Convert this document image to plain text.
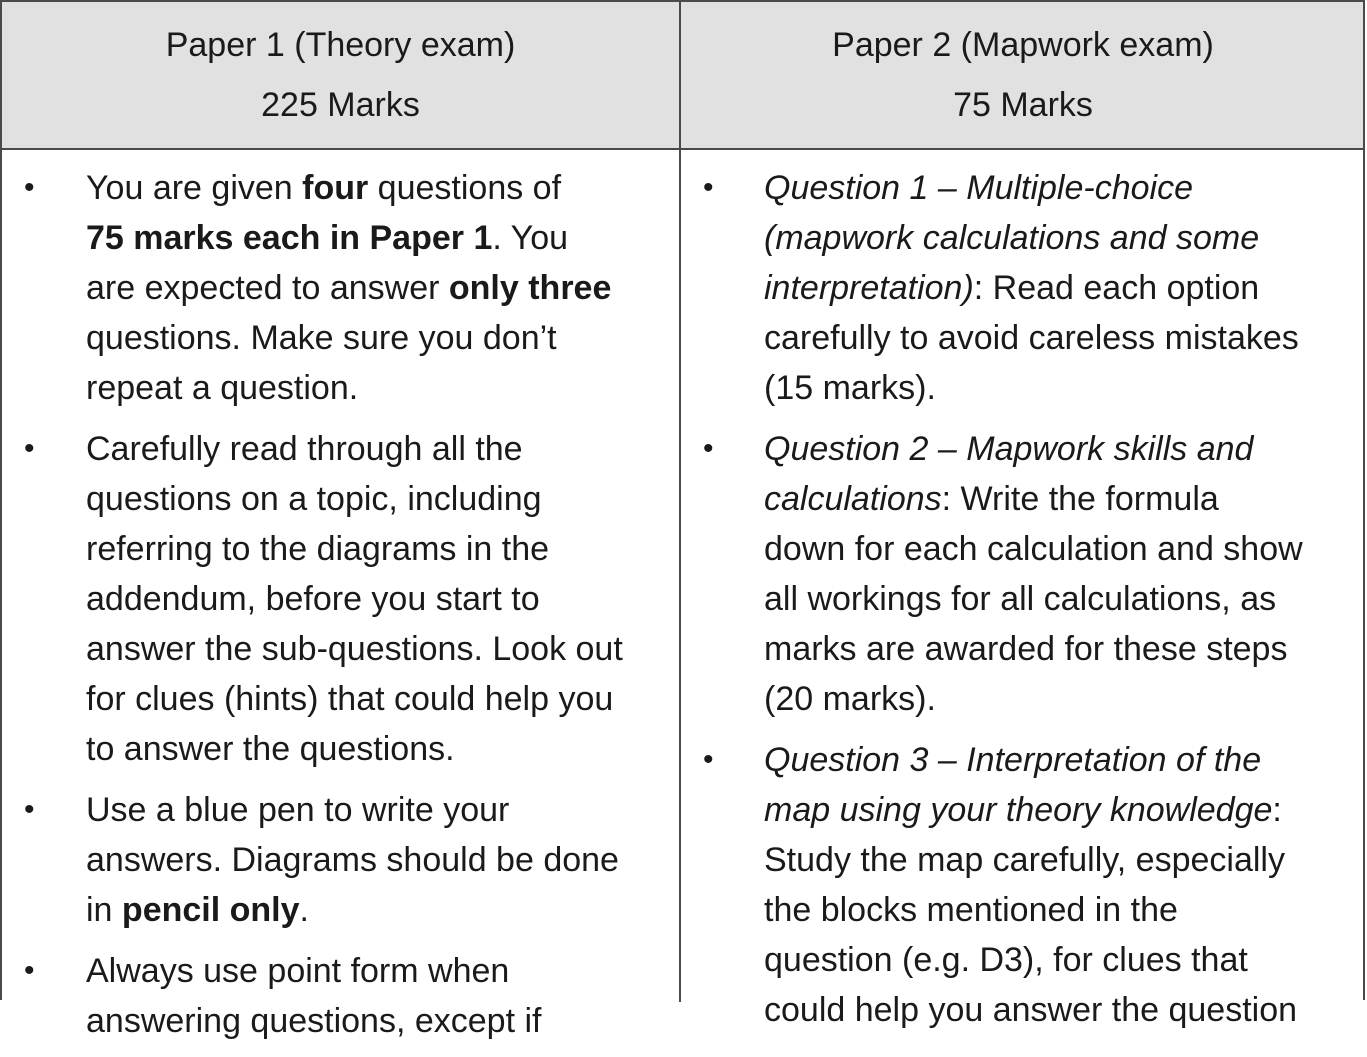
Paper 1 (Theory exam)
225 Marks
Paper 2 (Mapwork exam)
75 Marks
• You are given four questions of
75 marks each in Paper 1. You
are expected to answer only three
questions. Make sure you don’t
repeat a question.
• Carefully read through all the
questions on a topic, including
referring to the diagrams in the
addendum, before you start to
answer the sub-questions. Look out
for clues (hints) that could help you
to answer the questions.
• Use a blue pen to write your
answers. Diagrams should be done
in pencil only.
• Always use point form when
answering questions, except if
• Question 1 – Multiple-choice
(mapwork calculations and some
interpretation): Read each option
carefully to avoid careless mistakes
(15 marks).
• Question 2 – Mapwork skills and
calculations: Write the formula
down for each calculation and show
all workings for all calculations, as
marks are awarded for these steps
(20 marks).
• Question 3 – Interpretation of the
map using your theory knowledge:
Study the map carefully, especially
the blocks mentioned in the
question (e.g. D3), for clues that
could help you answer the question
